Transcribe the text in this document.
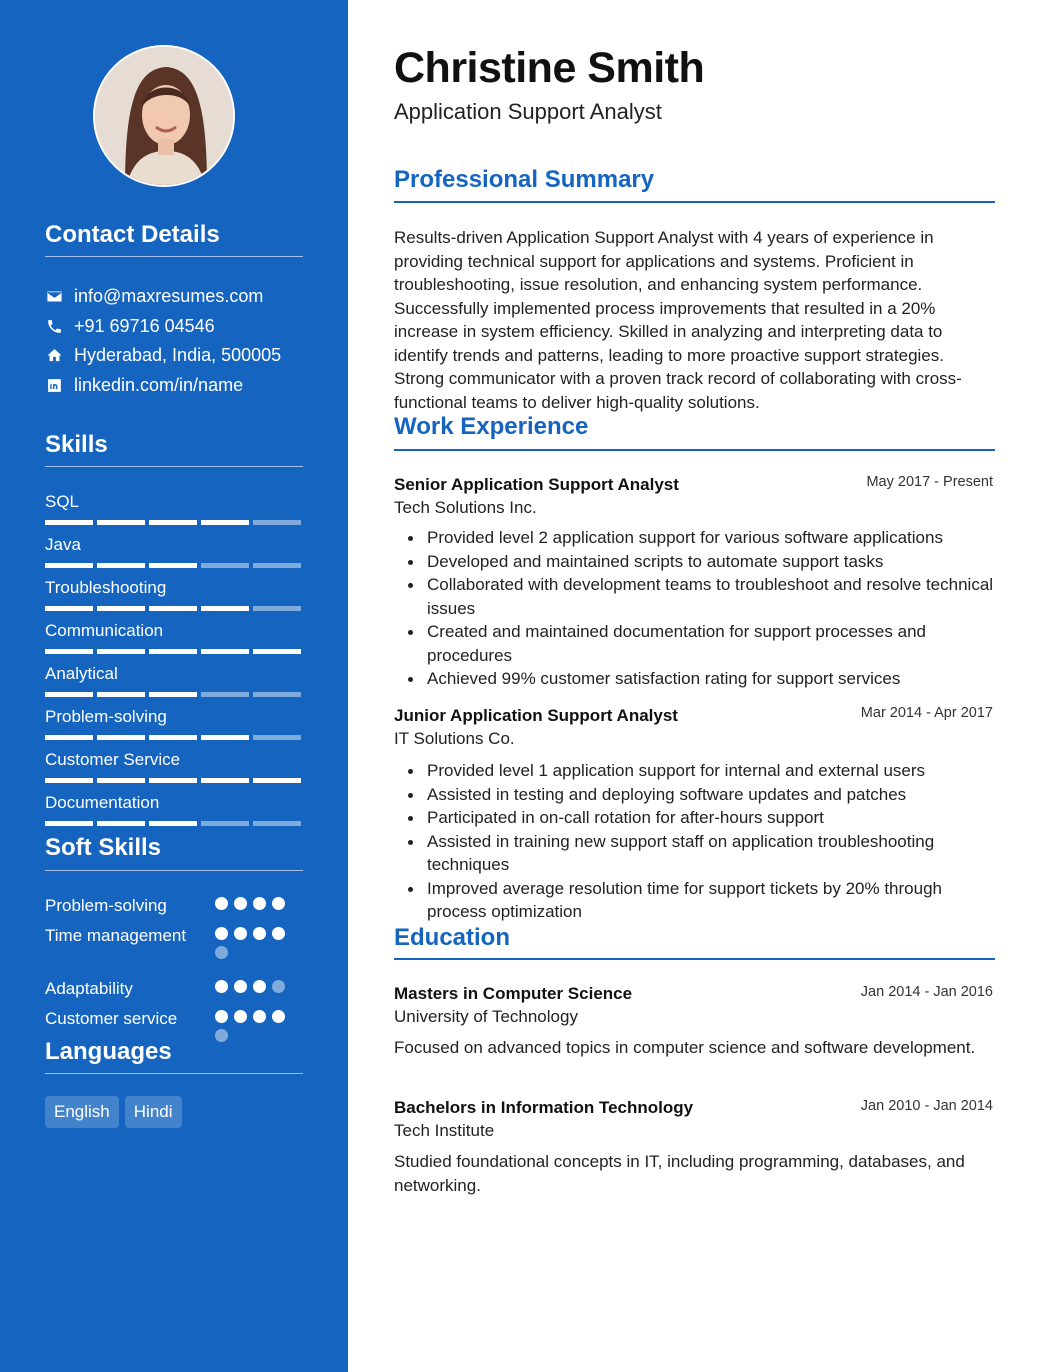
Contact Details
info@maxresumes.com
+91 69716 04546
Hyderabad, India, 500005
linkedin.com/in/name
Skills
SQL
Java
Troubleshooting
Communication
Analytical
Problem-solving
Customer Service
Documentation
Soft Skills
Problem-solving
Time management
Adaptability
Customer service
Languages
English	Hindi
Christine Smith
Application Support Analyst
Professional Summary
Results-driven Application Support Analyst with 4 years of experience in providing technical support for applications and systems. Proficient in troubleshooting, issue resolution, and enhancing system performance. Successfully implemented process improvements that resulted in a 20% increase in system efficiency. Skilled in analyzing and interpreting data to identify trends and patterns, leading to more proactive support strategies. Strong communicator with a proven track record of collaborating with cross-functional teams to deliver high-quality solutions.
Work Experience
Senior Application Support Analyst	May 2017 - Present
Tech Solutions Inc.
Provided level 2 application support for various software applications
Developed and maintained scripts to automate support tasks
Collaborated with development teams to troubleshoot and resolve technical issues
Created and maintained documentation for support processes and procedures
Achieved 99% customer satisfaction rating for support services
Junior Application Support Analyst	Mar 2014 - Apr 2017
IT Solutions Co.
Provided level 1 application support for internal and external users
Assisted in testing and deploying software updates and patches
Participated in on-call rotation for after-hours support
Assisted in training new support staff on application troubleshooting techniques
Improved average resolution time for support tickets by 20% through process optimization
Education
Masters in Computer Science	Jan 2014 - Jan 2016
University of Technology
Focused on advanced topics in computer science and software development.
Bachelors in Information Technology	Jan 2010 - Jan 2014
Tech Institute
Studied foundational concepts in IT, including programming, databases, and networking.
